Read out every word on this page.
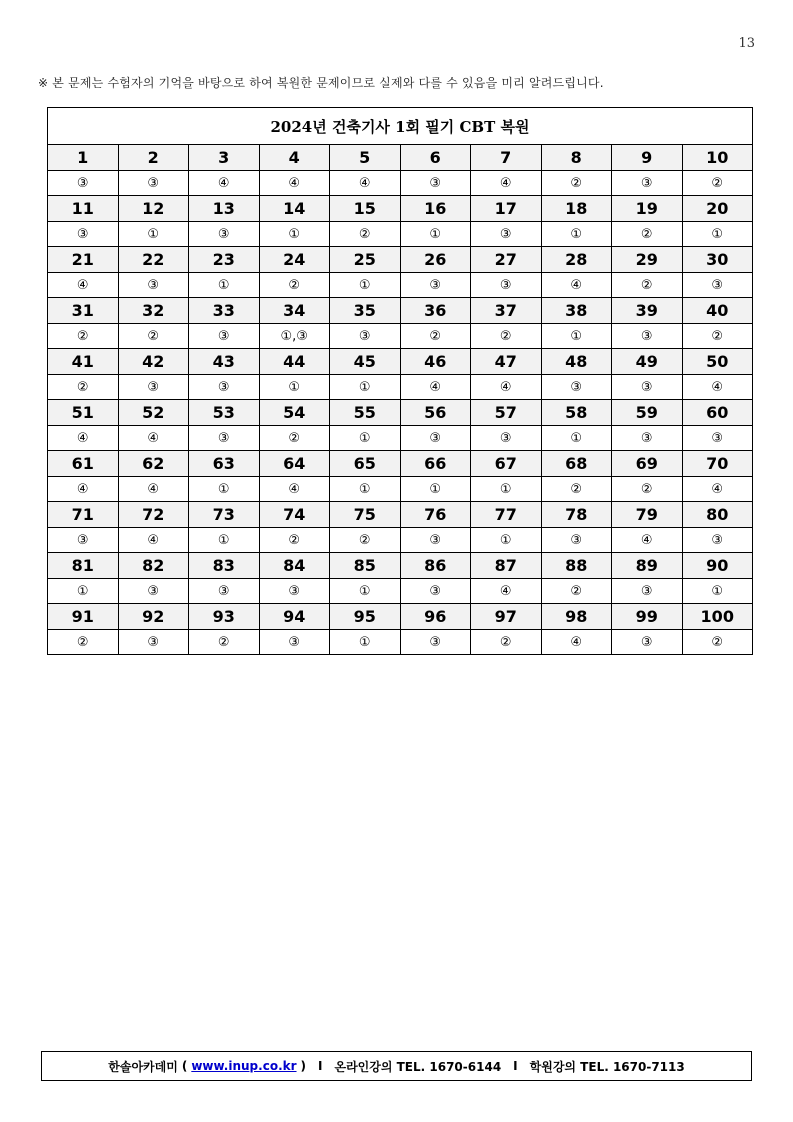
13
※ 본 문제는 수험자의 기억을 바탕으로 하여 복원한 문제이므로 실제와 다를 수 있음을 미리 알려드립니다.
2024년 건축기사 1회 필기 CBT 복원									
1	2	3	4	5	6	7	8	9	10
③	③	④	④	④	③	④	②	③	②
11	12	13	14	15	16	17	18	19	20
③	①	③	①	②	①	③	①	②	①
21	22	23	24	25	26	27	28	29	30
④	③	①	②	①	③	③	④	②	③
31	32	33	34	35	36	37	38	39	40
②	②	③	①,③	③	②	②	①	③	②
41	42	43	44	45	46	47	48	49	50
②	③	③	①	①	④	④	③	③	④
51	52	53	54	55	56	57	58	59	60
④	④	③	②	①	③	③	①	③	③
61	62	63	64	65	66	67	68	69	70
④	④	①	④	①	①	①	②	②	④
71	72	73	74	75	76	77	78	79	80
③	④	①	②	②	③	①	③	④	③
81	82	83	84	85	86	87	88	89	90
①	③	③	③	①	③	④	②	③	①
91	92	93	94	95	96	97	98	99	100
②	③	②	③	①	③	②	④	③	②
한솔아카데미 ( www.inup.co.kr ) I 온라인강의 TEL. 1670-6144 I 학원강의 TEL. 1670-7113
